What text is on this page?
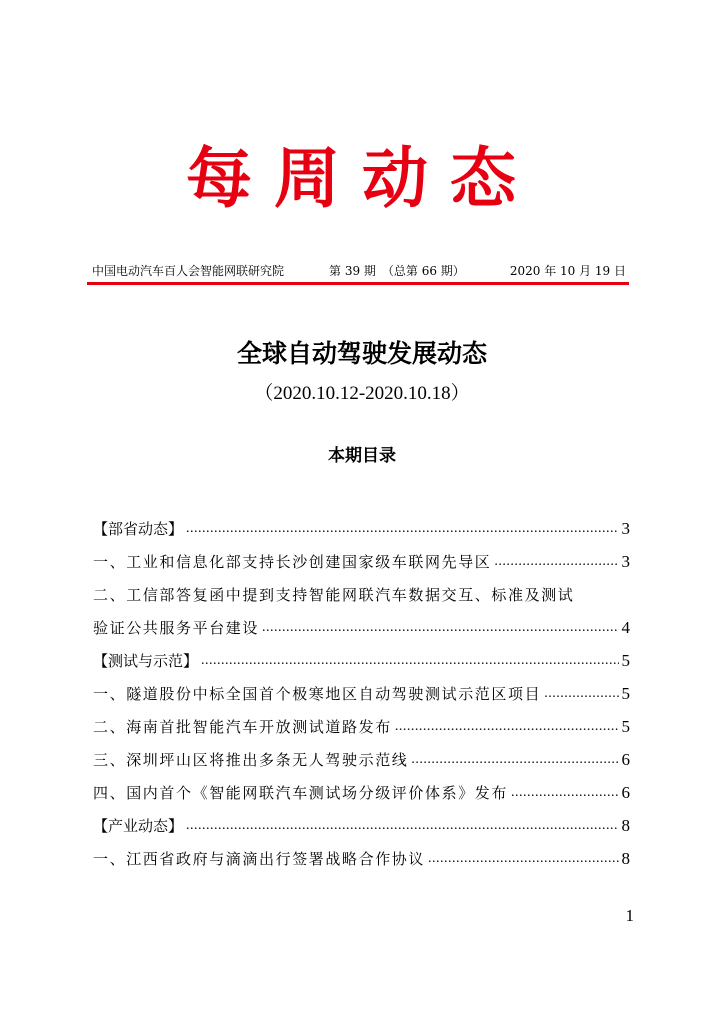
每周动态
中国电动汽车百人会智能网联研究院	第 39 期　（总第 66 期）	2020 年 10 月 19 日
全球自动驾驶发展动态
（2020.10.12-2020.10.18）
本期目录
【部省动态】 .....	3
一、工业和信息化部支持长沙创建国家级车联网先导区 .....	3
二、工信部答复函中提到支持智能网联汽车数据交互、标准及测试
验证公共服务平台建设 .....	4
【测试与示范】 .....	5
一、隧道股份中标全国首个极寒地区自动驾驶测试示范区项目 .....	5
二、海南首批智能汽车开放测试道路发布 .....	5
三、深圳坪山区将推出多条无人驾驶示范线 .....	6
四、国内首个《智能网联汽车测试场分级评价体系》发布 .....	6
【产业动态】 .....	8
一、江西省政府与滴滴出行签署战略合作协议 .....	8
1
